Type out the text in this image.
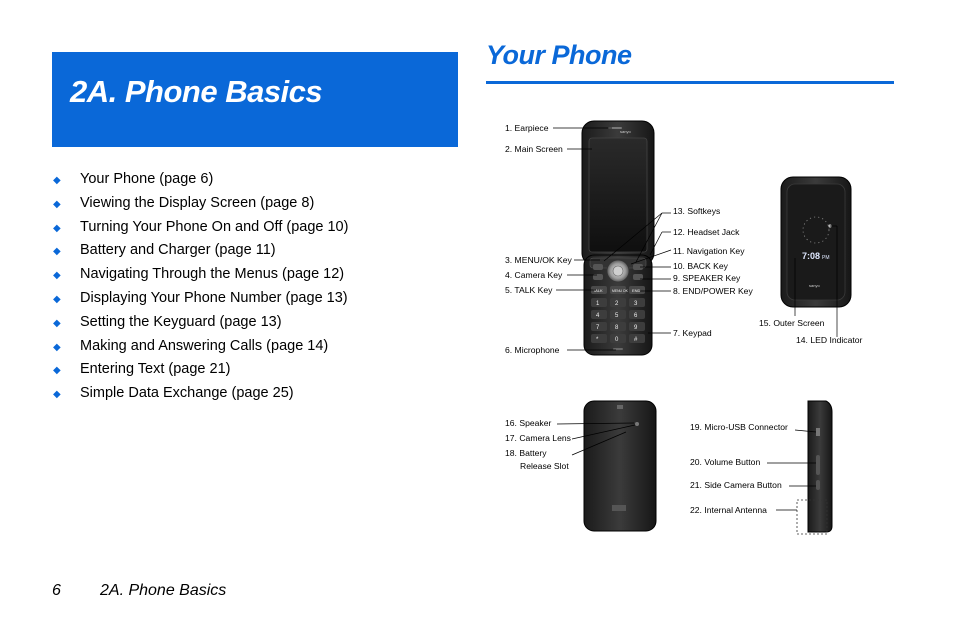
2A. Phone Basics
◆ Your Phone (page 6)
◆ Viewing the Display Screen (page 8)
◆ Turning Your Phone On and Off (page 10)
◆ Battery and Charger (page 11)
◆ Navigating Through the Menus (page 12)
◆ Displaying Your Phone Number (page 13)
◆ Setting the Keyguard (page 13)
◆ Making and Answering Calls (page 14)
◆ Entering Text (page 21)
◆ Simple Data Exchange (page 25)
Your Phone
sanyo
TALK	MENU OK END
1	2	3
4	5	6
7	8	9
*	0	#
7:08 PM
sanyo
1. Earpiece
2. Main Screen
3. MENU/OK Key
4. Camera Key
5. TALK Key
6. Microphone
7. Keypad
8. END/POWER Key
9. SPEAKER Key
10. BACK Key
11. Navigation Key
12. Headset Jack
13. Softkeys
14. LED Indicator
15. Outer Screen
16. Speaker
17. Camera Lens
18. Battery
Release Slot
19. Micro-USB Connector
20. Volume Button
21. Side Camera Button
22. Internal Antenna
6 2A. Phone Basics
